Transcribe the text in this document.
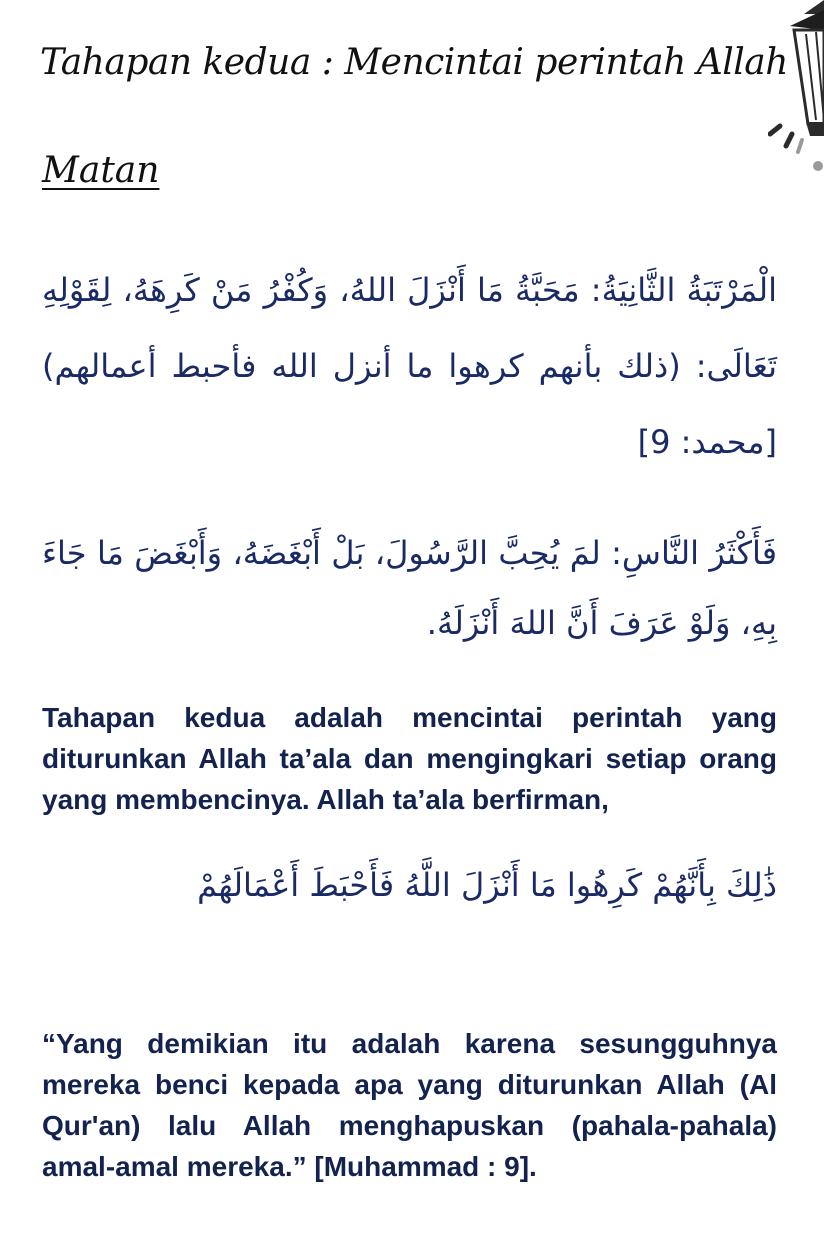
Tahapan kedua : Mencintai perintah Allah
Matan
الْمَرْتَبَةُ الثَّانِيَةُ: مَحَبَّةُ مَا أَنْزَلَ اللهُ، وَكُفْرُ مَنْ كَرِهَهُ، لِقَوْلِهِ تَعَالَى: (ذلك بأنهم كرهوا ما أنزل الله فأحبط أعمالهم) [محمد: 9]
فَأَكْثَرُ النَّاسِ: لمَ يُحِبَّ الرَّسُولَ، بَلْ أَبْغَضَهُ، وَأَبْغَضَ مَا جَاءَ بِهِ، وَلَوْ عَرَفَ أَنَّ اللهَ أَنْزَلَهُ.
Tahapan kedua adalah mencintai perintah yang diturunkan Allah ta’ala dan mengingkari setiap orang yang membencinya. Allah ta’ala berfirman,
ذَٰلِكَ بِأَنَّهُمْ كَرِهُوا مَا أَنْزَلَ اللَّهُ فَأَحْبَطَ أَعْمَالَهُمْ
“Yang demikian itu adalah karena sesungguhnya mereka benci kepada apa yang diturunkan Allah (Al Qur'an) lalu Allah menghapuskan (pahala-pahala) amal-amal mereka.” [Muhammad : 9].
